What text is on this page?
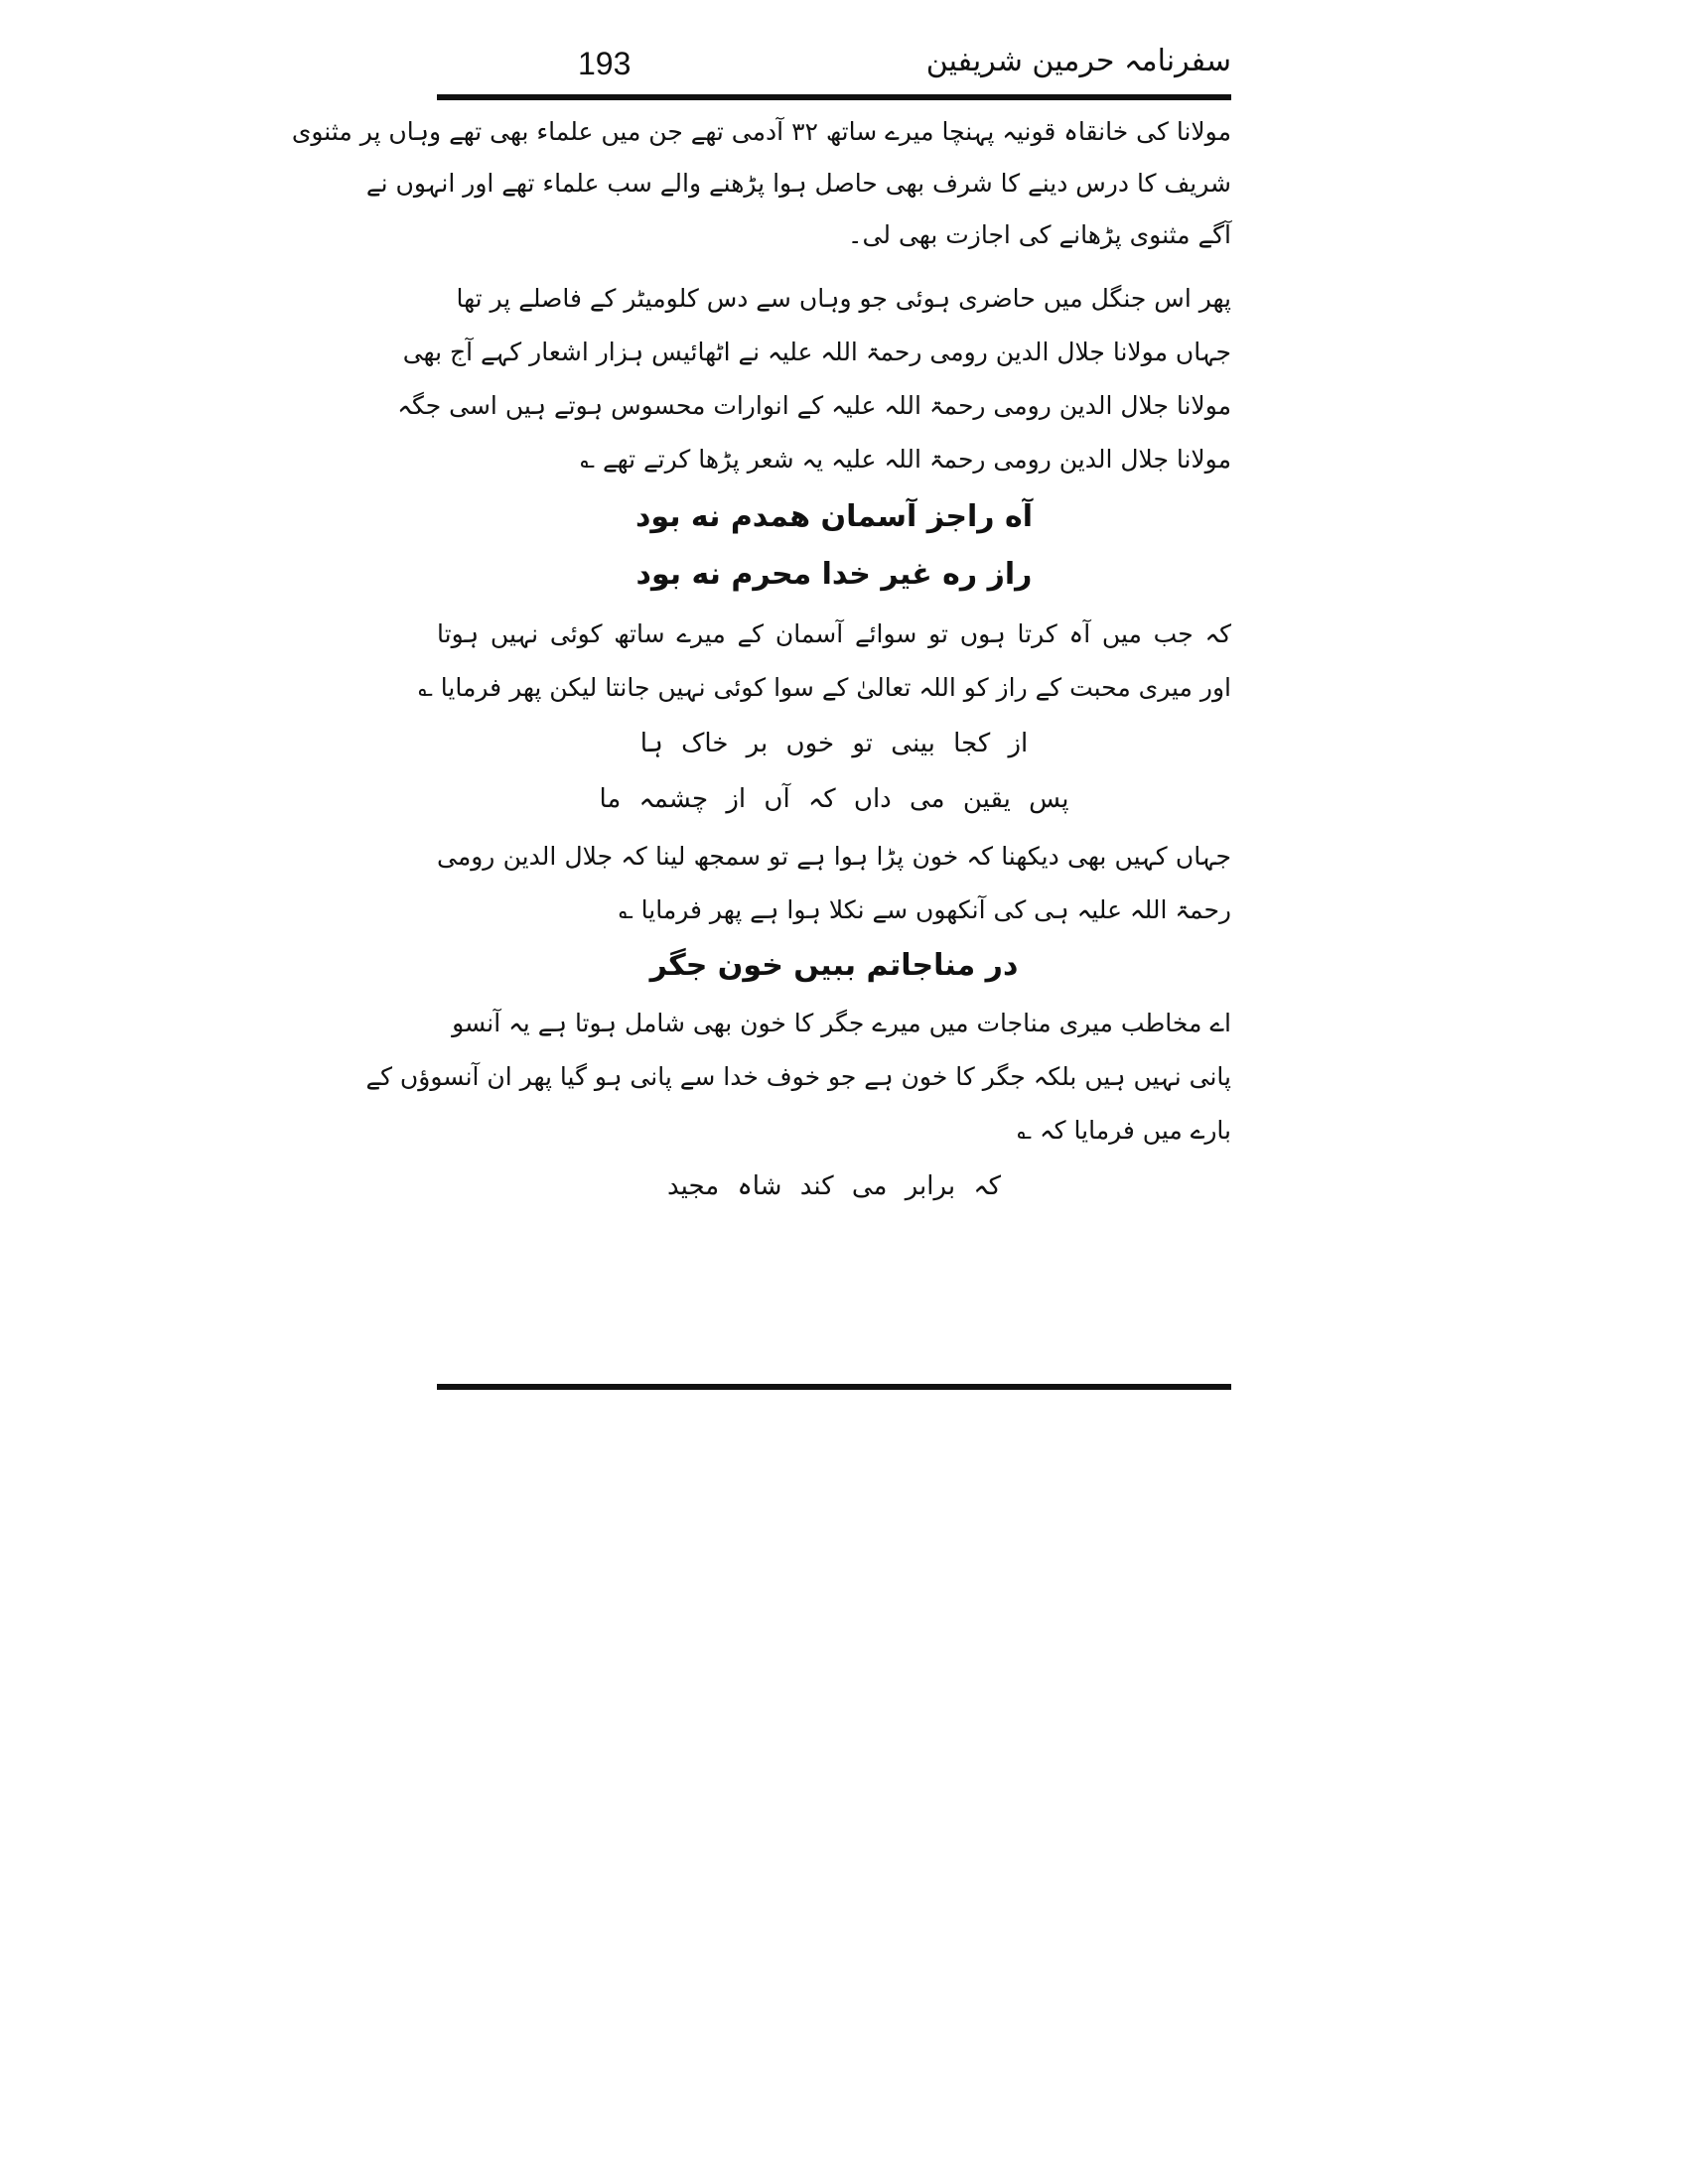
193	سفرنامہ حرمین شریفین
مولانا کی خانقاہ قونیہ پہنچا میرے ساتھ ۳۲ آدمی تھے جن میں علماء بھی تھے وہاں پر مثنوی
شریف کا درس دینے کا شرف بھی حاصل ہوا پڑھنے والے سب علماء تھے اور انہوں نے
آگے مثنوی پڑھانے کی اجازت بھی لی۔
پھر اس جنگل میں حاضری ہوئی جو وہاں سے دس کلومیٹر کے فاصلے پر تھا
جہاں مولانا جلال الدین رومی رحمۃ اللہ علیہ نے اٹھائیس ہزار اشعار کہے آج بھی
مولانا جلال الدین رومی رحمۃ اللہ علیہ کے انوارات محسوس ہوتے ہیں اسی جگہ
مولانا جلال الدین رومی رحمۃ اللہ علیہ یہ شعر پڑھا کرتے تھے ؎
آه راجز آسمان همدم نه بود
راز ره غیر خدا محرم نه بود
کہ جب میں آہ کرتا ہوں تو سوائے آسمان کے میرے ساتھ کوئی نہیں ہوتا
اور میری محبت کے راز کو اللہ تعالیٰ کے سوا کوئی نہیں جانتا لیکن پھر فرمایا ؎
از کجا بینی تو خوں بر خاک ہا
پس یقین می داں کہ آں از چشمہ ما
جہاں کہیں بھی دیکھنا کہ خون پڑا ہوا ہے تو سمجھ لینا کہ جلال الدین رومی
رحمۃ اللہ علیہ ہی کی آنکھوں سے نکلا ہوا ہے پھر فرمایا ؎
در مناجاتم ببیں خون جگر
اے مخاطب میری مناجات میں میرے جگر کا خون بھی شامل ہوتا ہے یہ آنسو
پانی نہیں ہیں بلکہ جگر کا خون ہے جو خوف خدا سے پانی ہو گیا پھر ان آنسوؤں کے
بارے میں فرمایا کہ ؎
کہ برابر می کند شاہ مجید
